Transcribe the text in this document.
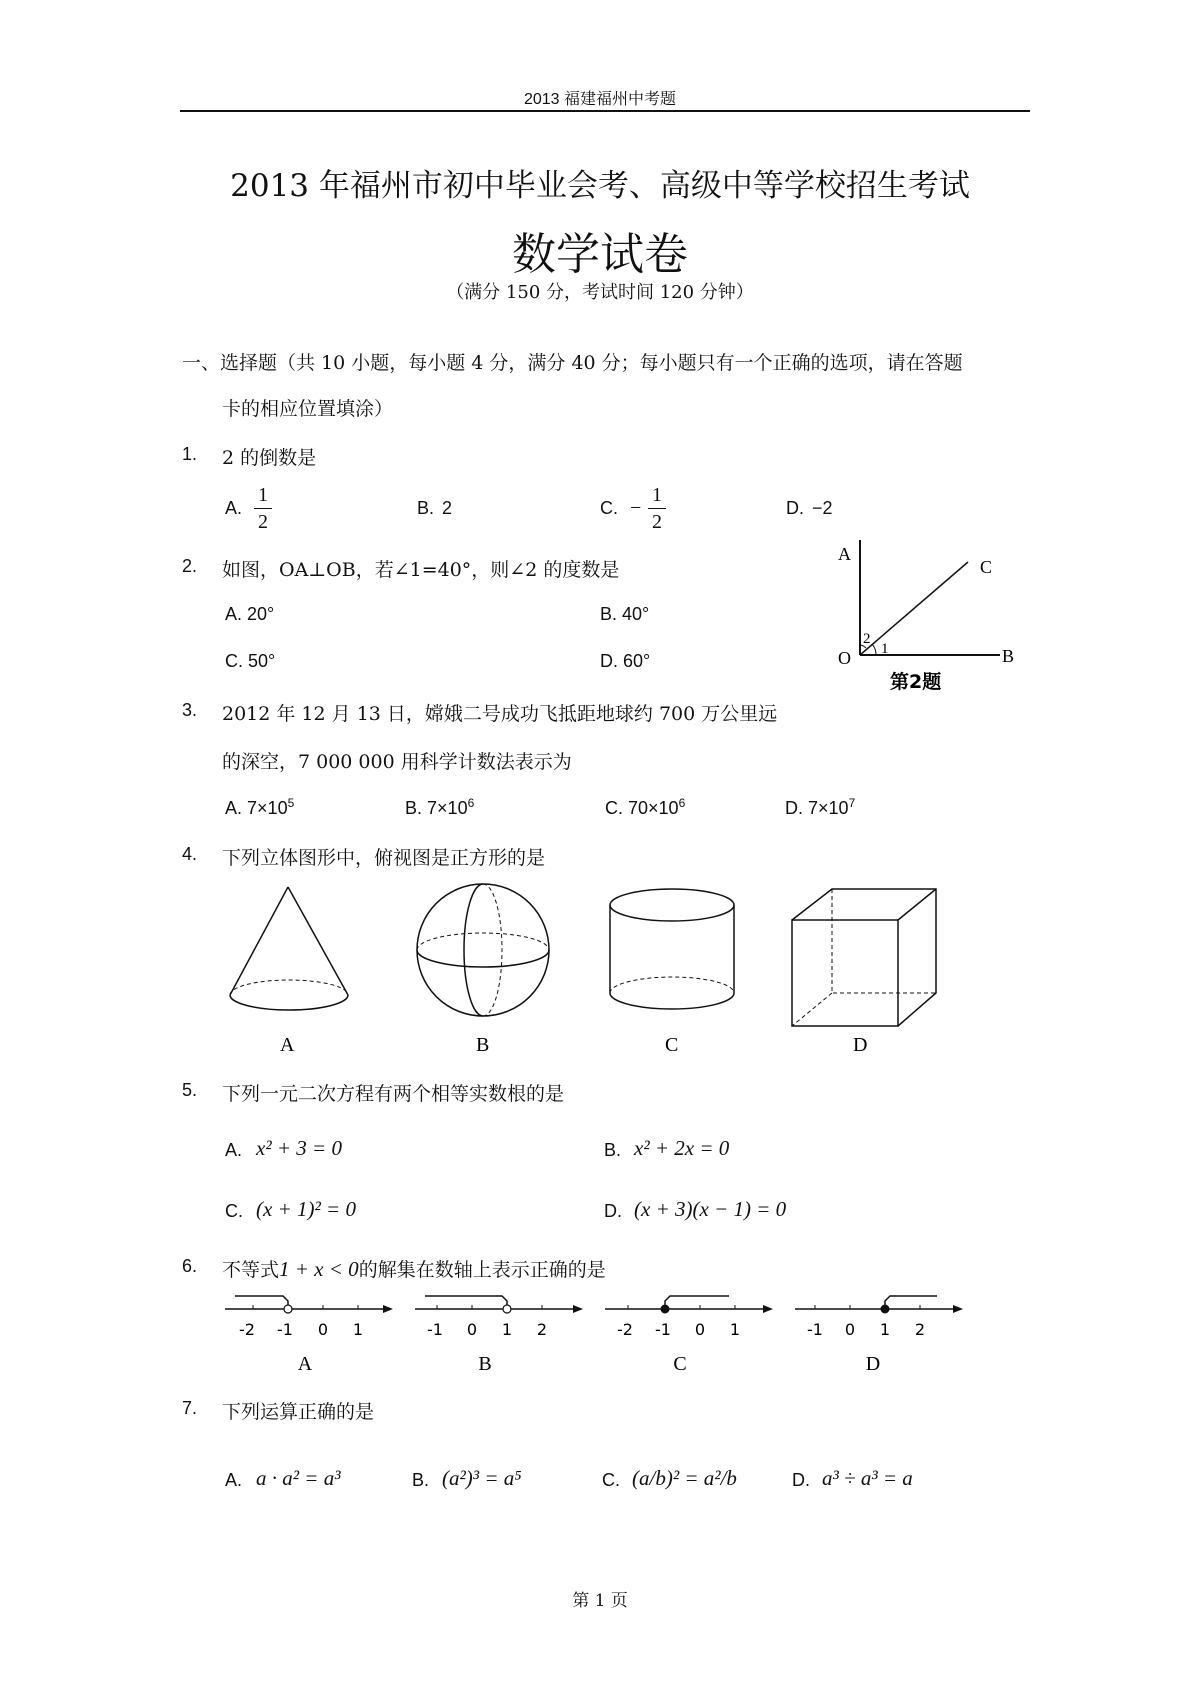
2013 福建福州中考题
2013 年福州市初中毕业会考、高级中等学校招生考试
数学试卷
（满分 150 分，考试时间 120 分钟）
一、选择题（共 10 小题，每小题 4 分，满分 40 分；每小题只有一个正确的选项，请在答题
卡的相应位置填涂）
1. 2 的倒数是
A.
1
2
B. 2	C. −
1
2
D. −2
2. 如图，OA⊥OB，若∠1=40°，则∠2 的度数是
A. 20°	B. 40°
C. 50°	D. 60°
A
C
O	B
2
1
第2题
3. 2012 年 12 月 13 日，嫦娥二号成功飞抵距地球约 700 万公里远
的深空，7 000 000 用科学计数法表示为
A. $7\times 10^5$	B. $7\times 10^6$	C. $70\times 10^6$	D. $7\times 10^7$
4. 下列立体图形中，俯视图是正方形的是
A	B	C	D
5. 下列一元二次方程有两个相等实数根的是
A. x² + 3 = 0	B. x² + 2x = 0
C. (x + 1)² = 0	D. (x + 3)(x − 1) = 0
6. 不等式1 + x < 0的解集在数轴上表示正确的是
-2 -1 0 1
A
-1 0 1 2
B
-2 -1 0 1
C
-1 0 1 2
D
7. 下列运算正确的是
A. a · a² = a³	B. (a²)³ = a⁵	C. (a/b)² = a²/b	D. a³ ÷ a³ = a
第 1 页
